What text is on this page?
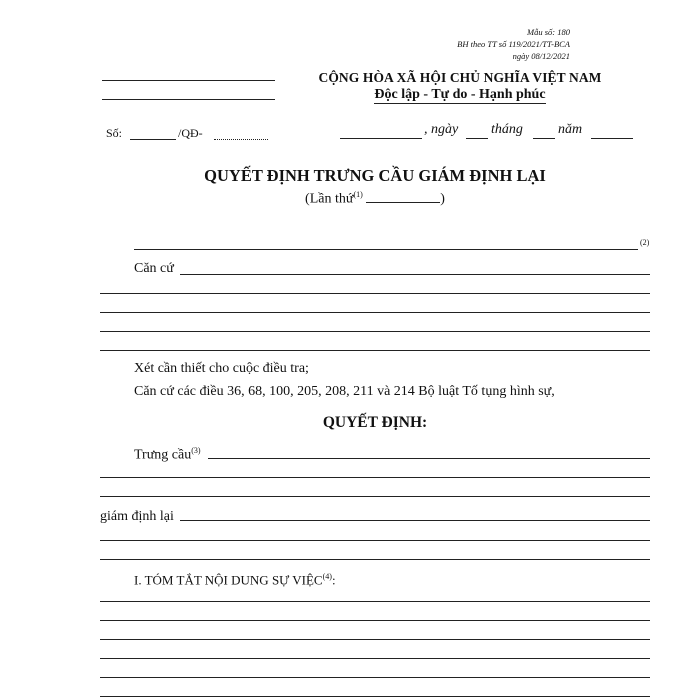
Mẫu số: 180
BH theo TT số 119/2021/TT-BCA
ngày 08/12/2021
CỘNG HÒA XÃ HỘI CHỦ NGHĨA VIỆT NAM
Độc lập - Tự do - Hạnh phúc
Số:	/QĐ-	, ngày tháng	năm
QUYẾT ĐỊNH TRƯNG CẦU GIÁM ĐỊNH LẠI
(Lần thứ$^{(1)}$	)
(2)
Căn cứ
Xét cần thiết cho cuộc điều tra;
Căn cứ các điều 36, 68, 100, 205, 208, 211 và 214 Bộ luật Tố tụng hình sự,
QUYẾT ĐỊNH:
Trưng cầu$^{(3)}$
giám định lại
I. TÓM TẮT NỘI DUNG SỰ VIỆC$^{(4)}$:
